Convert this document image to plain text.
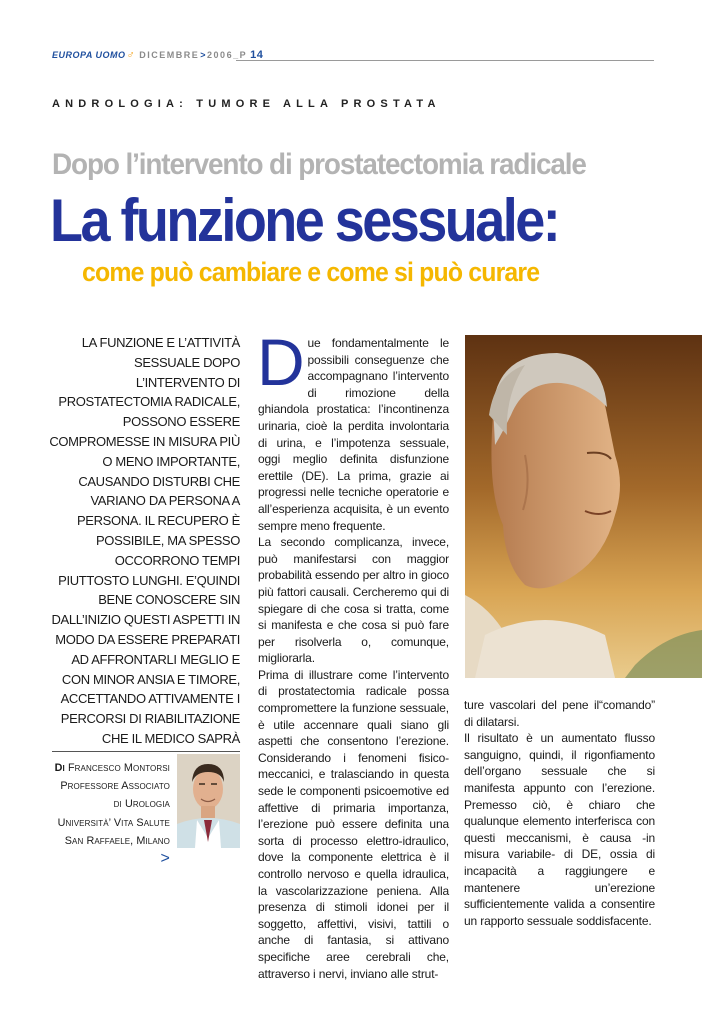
EUROPA UOMO ♂ DICEMBRE > 2006_P 14
ANDROLOGIA: TUMORE ALLA PROSTATA
Dopo l’intervento di prostatectomia radicale
La funzione sessuale:
come può cambiare e come si può curare
LA FUNZIONE E L’ATTIVITÀ SESSUALE DOPO L’INTERVENTO DI PROSTATECTOMIA RADICALE, POSSONO ESSERE COMPROMESSE IN MISURA PIÙ O MENO IMPORTANTE, CAUSANDO DISTURBI CHE VARIANO DA PERSONA A PERSONA. IL RECUPERO È POSSIBILE, MA SPESSO OCCORRONO TEMPI PIUTTOSTO LUNGHI. E’QUINDI BENE CONOSCERE SIN DALL’INIZIO QUESTI ASPETTI IN MODO DA ESSERE PREPARATI AD AFFRONTARLI MEGLIO E CON MINOR ANSIA E TIMORE, ACCETTANDO ATTIVAMENTE I PERCORSI DI RIABILITAZIONE CHE IL MEDICO SAPRÀ
Di Francesco Montorsi
Professore Associato
di Urologia
Università’ Vita Salute
San Raffaele, Milano
>
D ue fondamentalmente le possibili conseguenze che accompagnano l’intervento di rimozione della ghiandola prostatica: l’incontinenza urinaria, cioè la perdita involontaria di urina, e l’impotenza sessuale, oggi meglio definita disfunzione erettile (DE). La prima, grazie ai progressi nelle tecniche operatorie e all’esperienza acquisita, è un evento sempre meno frequente.

La secondo complicanza, invece, può manifestarsi con maggior probabilità essendo per altro in gioco più fattori causali. Cercheremo qui di spiegare di che cosa si tratta, come si manifesta e che cosa si può fare per risolverla o, comunque, migliorarla.

Prima di illustrare come l’intervento di prostatectomia radicale possa compromettere la funzione sessuale, è utile accennare quali siano gli aspetti che consentono l’erezione. Considerando i fenomeni fisico-meccanici, e tralasciando in questa sede le componenti psicoemotive ed affettive di primaria importanza, l’erezione può essere definita una sorta di processo elettro-idraulico, dove la componente elettrica è il controllo nervoso e quella idraulica, la vascolarizzazione peniena. Alla presenza di stimoli idonei per il soggetto, affettivi, visivi, tattili o anche di fantasia, si attivano specifiche aree cerebrali che, attraverso i nervi, inviano alle strut-

ture vascolari del pene il“comando” di dilatarsi.

Il risultato è un aumentato flusso sanguigno, quindi, il rigonfiamento dell’organo sessuale che si manifesta appunto con l’erezione. Premesso ciò, è chiaro che qualunque elemento interferisca con questi meccanismi, è causa -in misura variabile- di DE, ossia di incapacità a raggiungere e mantenere un’erezione sufficientemente valida a consentire un rapporto sessuale soddisfacente.
